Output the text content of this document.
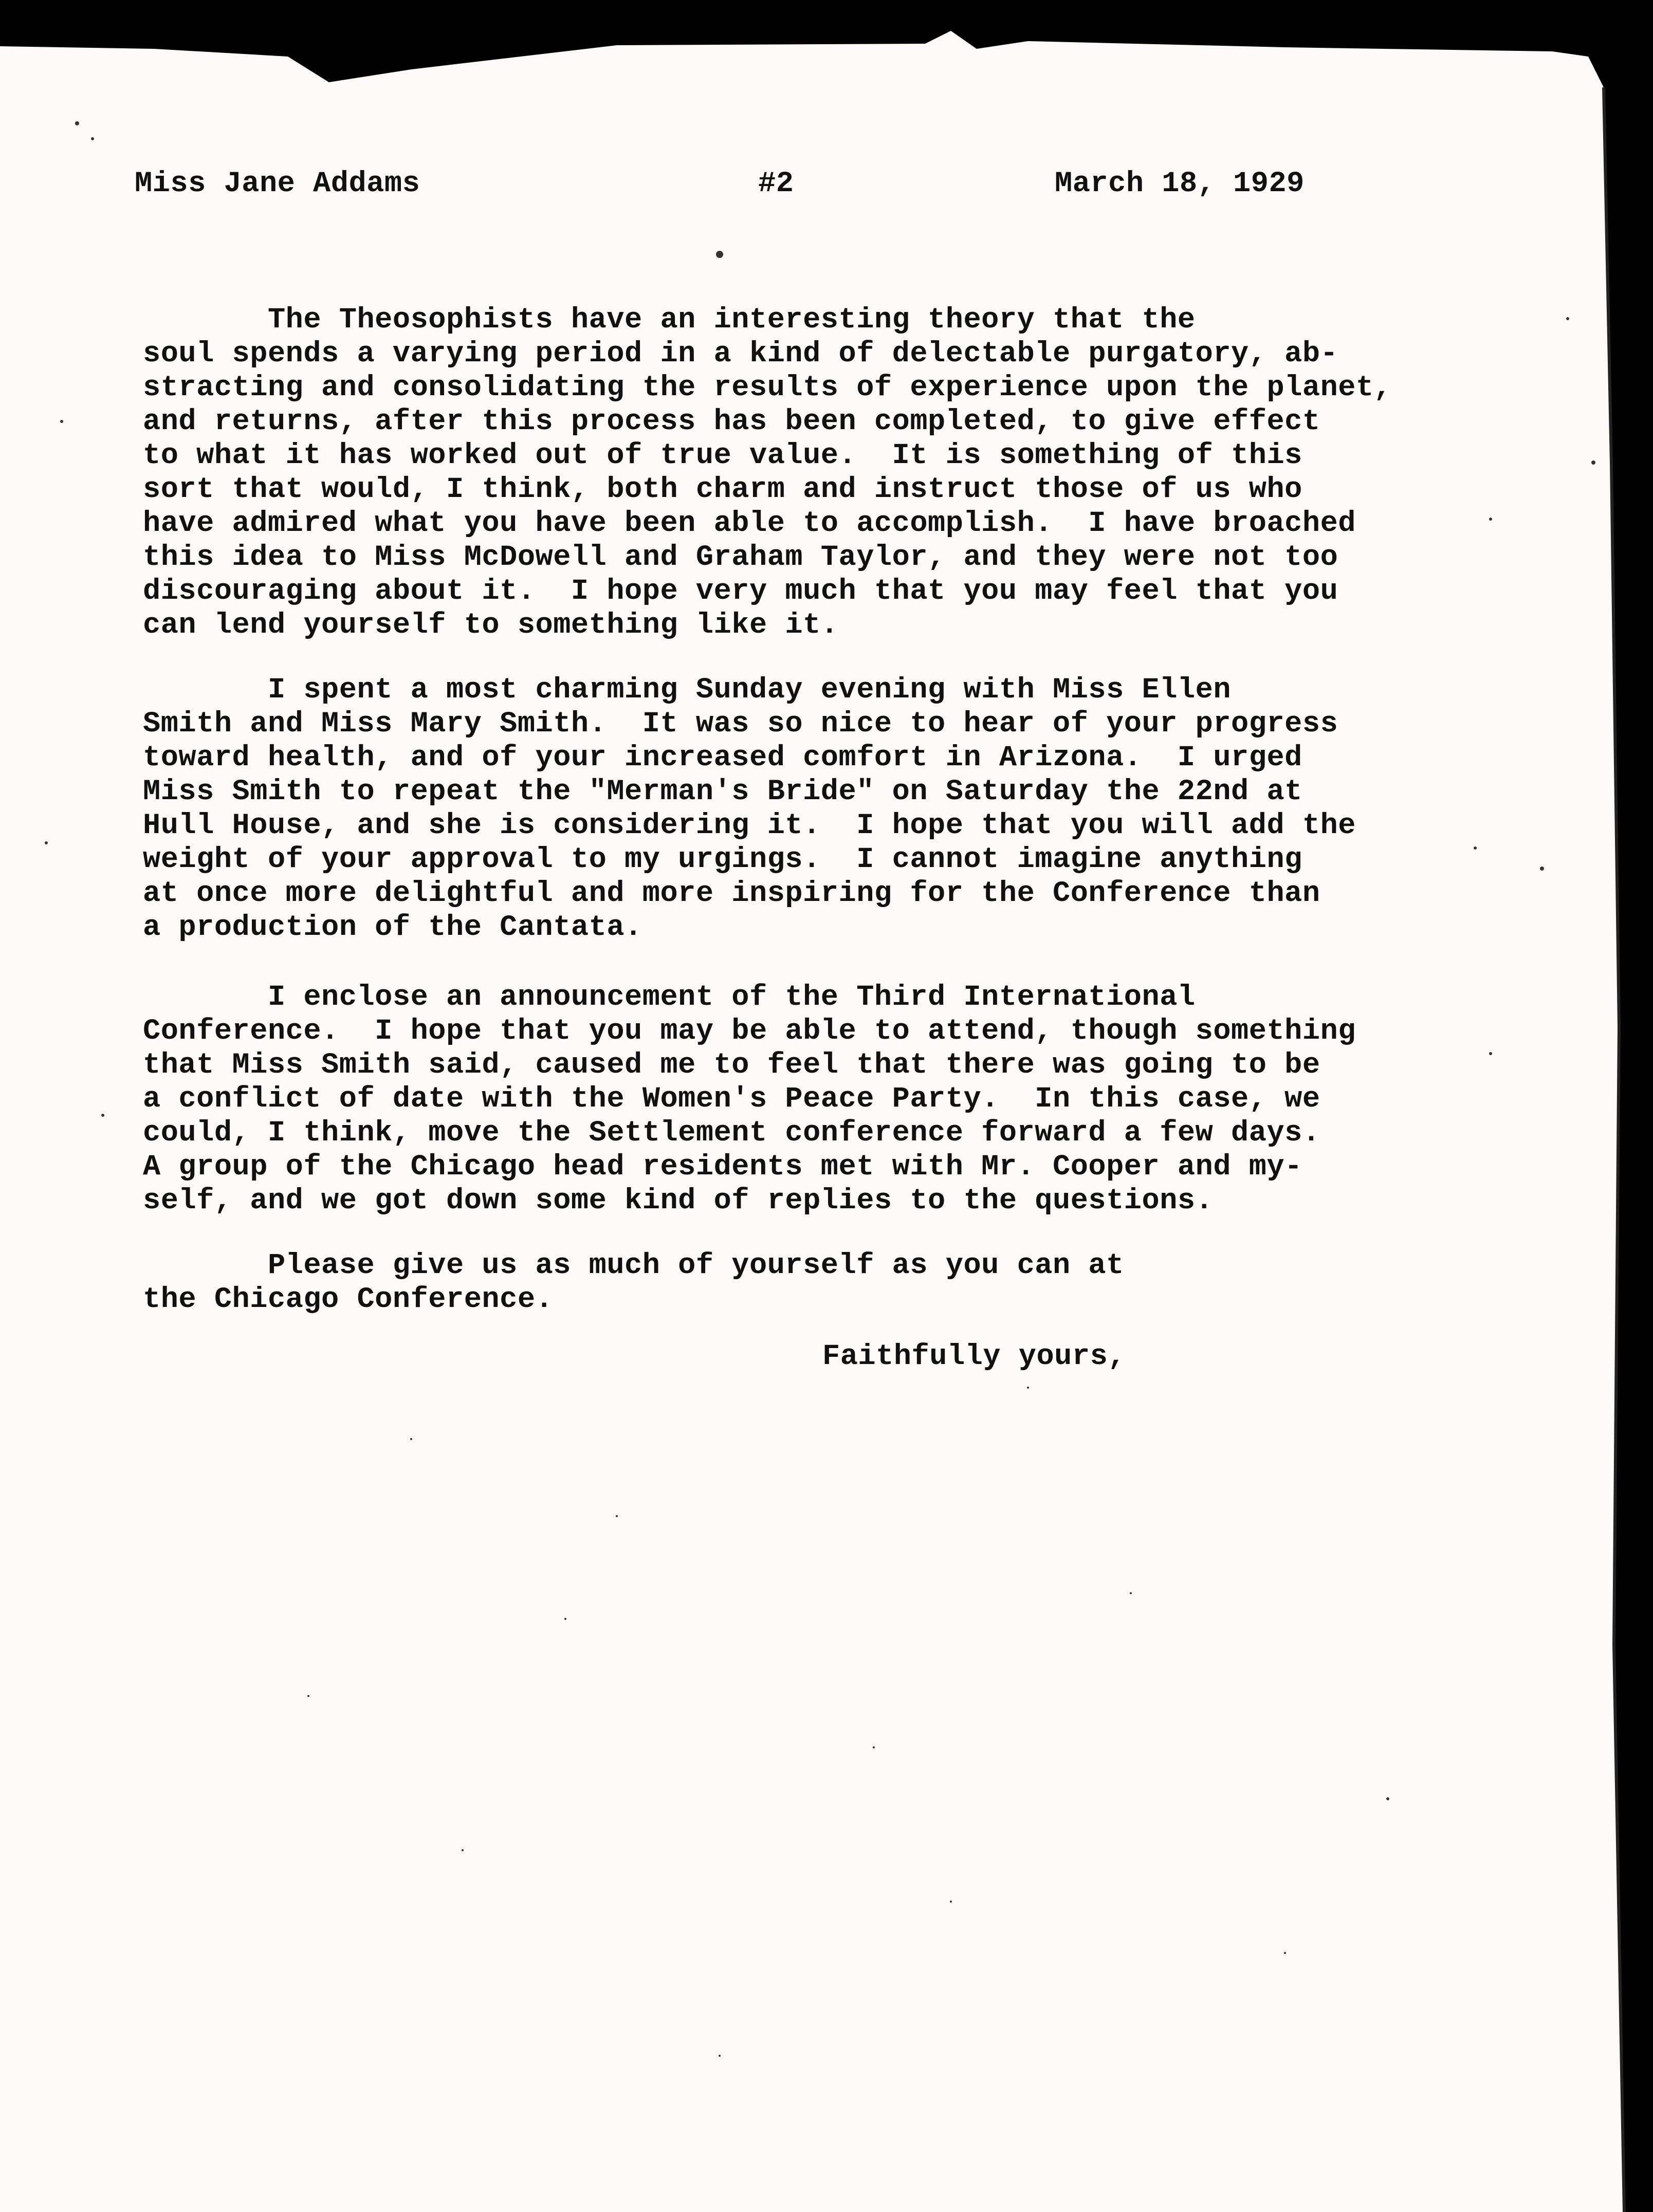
Miss Jane Addams	#2	March 18, 1929
The Theosophists have an interesting theory that the
soul spends a varying period in a kind of delectable purgatory, ab-
stracting and consolidating the results of experience upon the planet,
and returns, after this process has been completed, to give effect
to what it has worked out of true value.  It is something of this
sort that would, I think, both charm and instruct those of us who
have admired what you have been able to accomplish.  I have broached
this idea to Miss McDowell and Graham Taylor, and they were not too
discouraging about it.  I hope very much that you may feel that you
can lend yourself to something like it.
I spent a most charming Sunday evening with Miss Ellen
Smith and Miss Mary Smith.  It was so nice to hear of your progress
toward health, and of your increased comfort in Arizona.  I urged
Miss Smith to repeat the "Merman's Bride" on Saturday the 22nd at
Hull House, and she is considering it.  I hope that you will add the
weight of your approval to my urgings.  I cannot imagine anything
at once more delightful and more inspiring for the Conference than
a production of the Cantata.
I enclose an announcement of the Third International
Conference.  I hope that you may be able to attend, though something
that Miss Smith said, caused me to feel that there was going to be
a conflict of date with the Women's Peace Party.  In this case, we
could, I think, move the Settlement conference forward a few days.
A group of the Chicago head residents met with Mr. Cooper and my-
self, and we got down some kind of replies to the questions.
Please give us as much of yourself as you can at
the Chicago Conference.
Faithfully yours,
